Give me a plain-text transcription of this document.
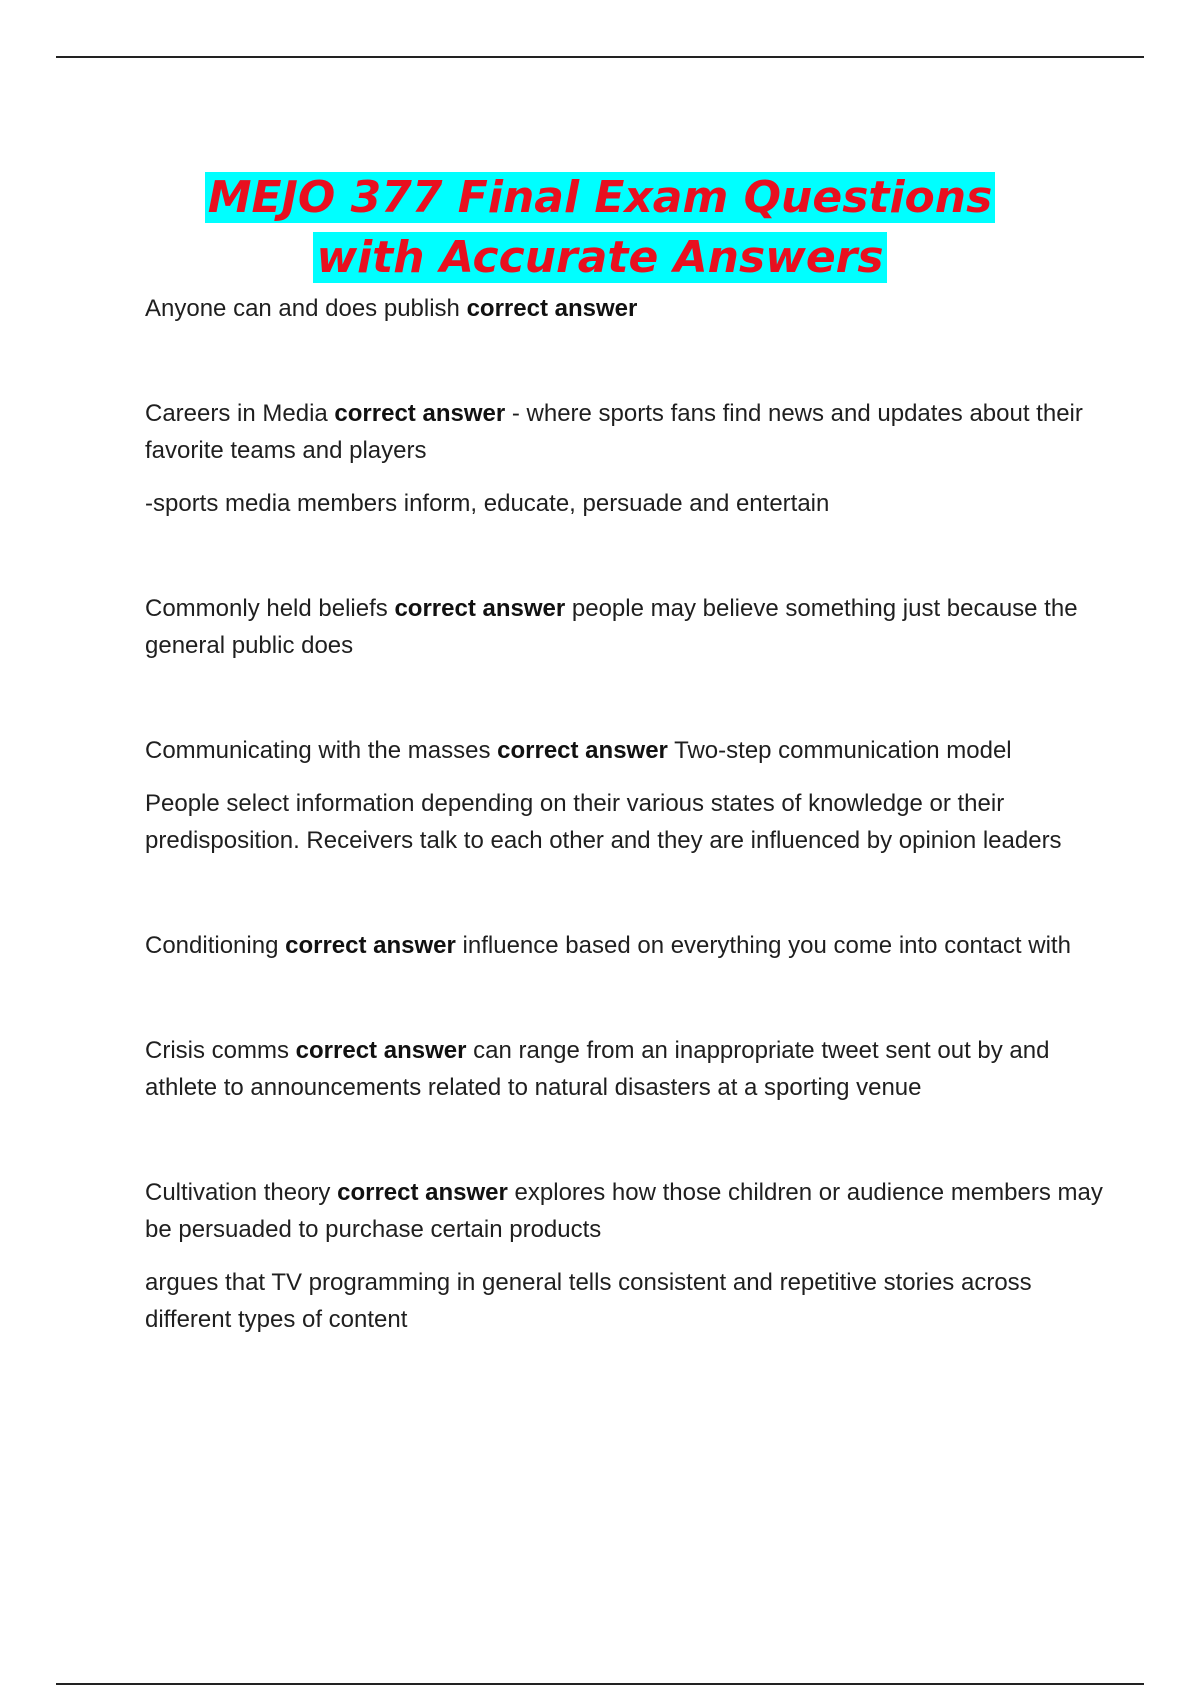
MEJO 377 Final Exam Questions
with Accurate Answers

Anyone can and does publish correct answer

Careers in Media correct answer - where sports fans find news and updates about their favorite teams and players

-sports media members inform, educate, persuade and entertain

Commonly held beliefs correct answer people may believe something just because the general public does

Communicating with the masses correct answer Two-step communication model

People select information depending on their various states of knowledge or their predisposition. Receivers talk to each other and they are influenced by opinion leaders

Conditioning correct answer influence based on everything you come into contact with

Crisis comms correct answer can range from an inappropriate tweet sent out by and athlete to announcements related to natural disasters at a sporting venue

Cultivation theory correct answer explores how those children or audience members may be persuaded to purchase certain products

argues that TV programming in general tells consistent and repetitive stories across different types of content
